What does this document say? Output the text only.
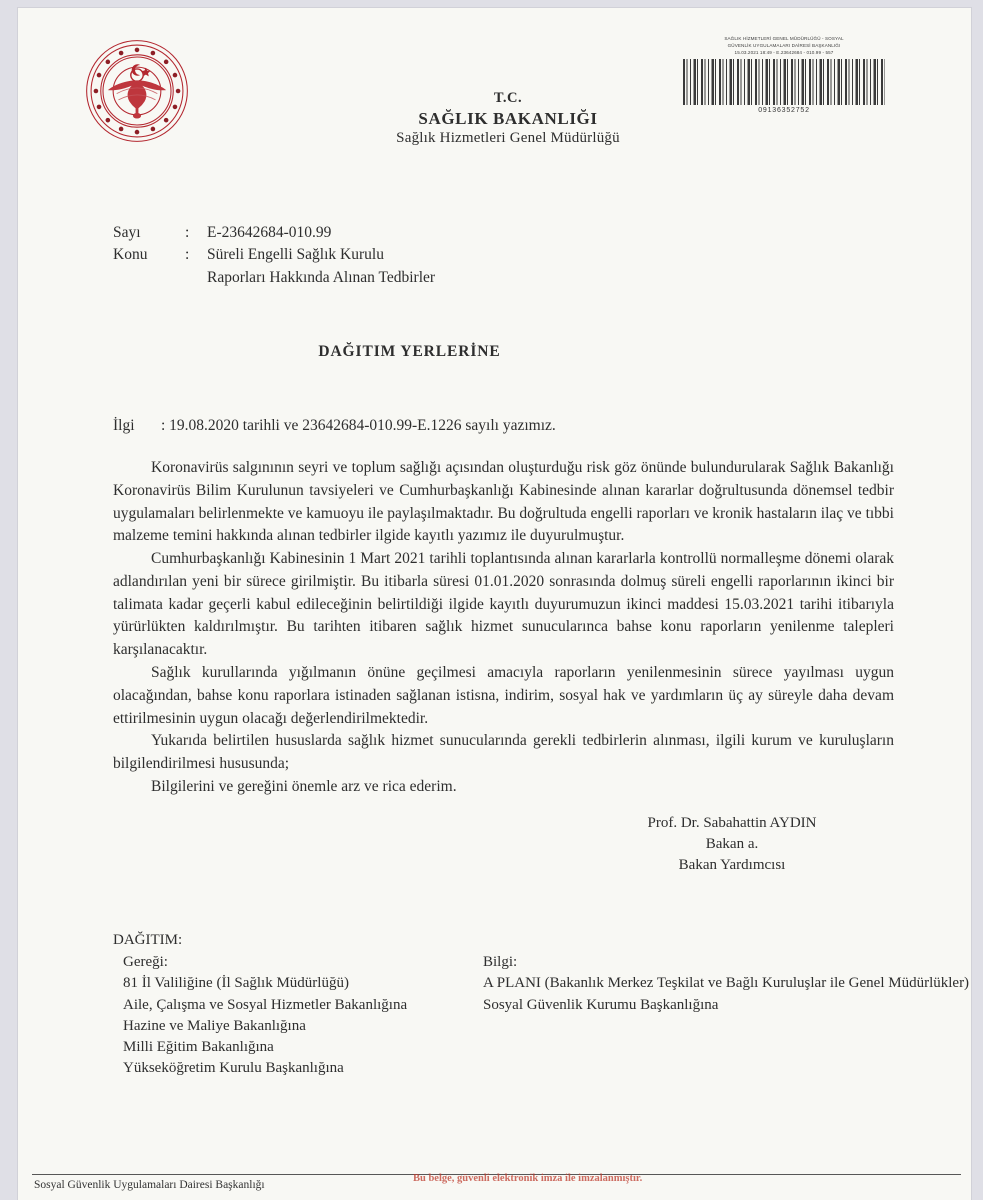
T.C.
SAĞLIK BAKANLIĞI
Sağlık Hizmetleri Genel Müdürlüğü
SAĞLIK HİZMETLERİ GENEL MÜDÜRLÜĞÜ - SOSYAL
GÜVENLİK UYGULAMALARI DAİRESİ BAŞKANLIĞI
15.03.2021 18:49 - E.23642684 - 010.99 - 557
09136352752
Sayı	:	E-23642684-010.99
Konu	:	Süreli Engelli Sağlık Kurulu
Raporları Hakkında Alınan Tedbirler
DAĞITIM YERLERİNE
İlgi	: 19.08.2020 tarihli ve 23642684-010.99-E.1226 sayılı yazımız.

Koronavirüs salgınının seyri ve toplum sağlığı açısından oluşturduğu risk göz önünde bulundurularak Sağlık Bakanlığı Koronavirüs Bilim Kurulunun tavsiyeleri ve Cumhurbaşkanlığı Kabinesinde alınan kararlar doğrultusunda dönemsel tedbir uygulamaları belirlenmekte ve kamuoyu ile paylaşılmaktadır. Bu doğrultuda engelli raporları ve kronik hastaların ilaç ve tıbbi malzeme temini hakkında alınan tedbirler ilgide kayıtlı yazımız ile duyurulmuştur.

Cumhurbaşkanlığı Kabinesinin 1 Mart 2021 tarihli toplantısında alınan kararlarla kontrollü normalleşme dönemi olarak adlandırılan yeni bir sürece girilmiştir. Bu itibarla süresi 01.01.2020 sonrasında dolmuş süreli engelli raporlarının ikinci bir talimata kadar geçerli kabul edileceğinin belirtildiği ilgide kayıtlı duyurumuzun ikinci maddesi 15.03.2021 tarihi itibarıyla yürürlükten kaldırılmıştır. Bu tarihten itibaren sağlık hizmet sunucularınca bahse konu raporların yenilenme talepleri karşılanacaktır.

Sağlık kurullarında yığılmanın önüne geçilmesi amacıyla raporların yenilenmesinin sürece yayılması uygun olacağından, bahse konu raporlara istinaden sağlanan istisna, indirim, sosyal hak ve yardımların üç ay süreyle daha devam ettirilmesinin uygun olacağı değerlendirilmektedir.

Yukarıda belirtilen hususlarda sağlık hizmet sunucularında gerekli tedbirlerin alınması, ilgili kurum ve kuruluşların bilgilendirilmesi hususunda;

Bilgilerini ve gereğini önemle arz ve rica ederim.

Prof. Dr. Sabahattin AYDIN
Bakan a.
Bakan Yardımcısı
DAĞITIM:
Gereği:
81 İl Valiliğine (İl Sağlık Müdürlüğü)
Aile, Çalışma ve Sosyal Hizmetler Bakanlığına
Hazine ve Maliye Bakanlığına
Milli Eğitim Bakanlığına
Yükseköğretim Kurulu Başkanlığına
Bilgi:
A PLANI (Bakanlık Merkez Teşkilat ve Bağlı Kuruluşlar ile Genel Müdürlükler)
Sosyal Güvenlik Kurumu Başkanlığına
Sosyal Güvenlik Uygulamaları Dairesi Başkanlığı
Bu belge, güvenli elektronik imza ile imzalanmıştır.
